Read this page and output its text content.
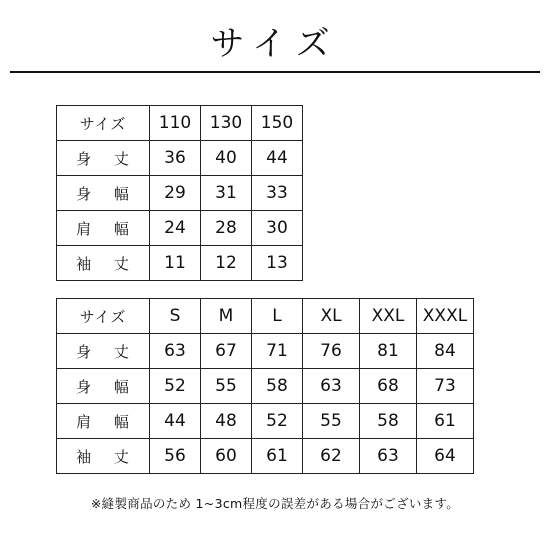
サイズ
サイズ	110	130	150
身 丈	36	40	44
身 幅	29	31	33
肩 幅	24	28	30
袖 丈	11	12	13
サイズ	S	M	L	XL	XXL	XXXL
身 丈	63	67	71	76	81	84
身 幅	52	55	58	63	68	73
肩 幅	44	48	52	55	58	61
袖 丈	56	60	61	62	63	64
※縫製商品のため 1~3cm程度の誤差がある場合がございます。
